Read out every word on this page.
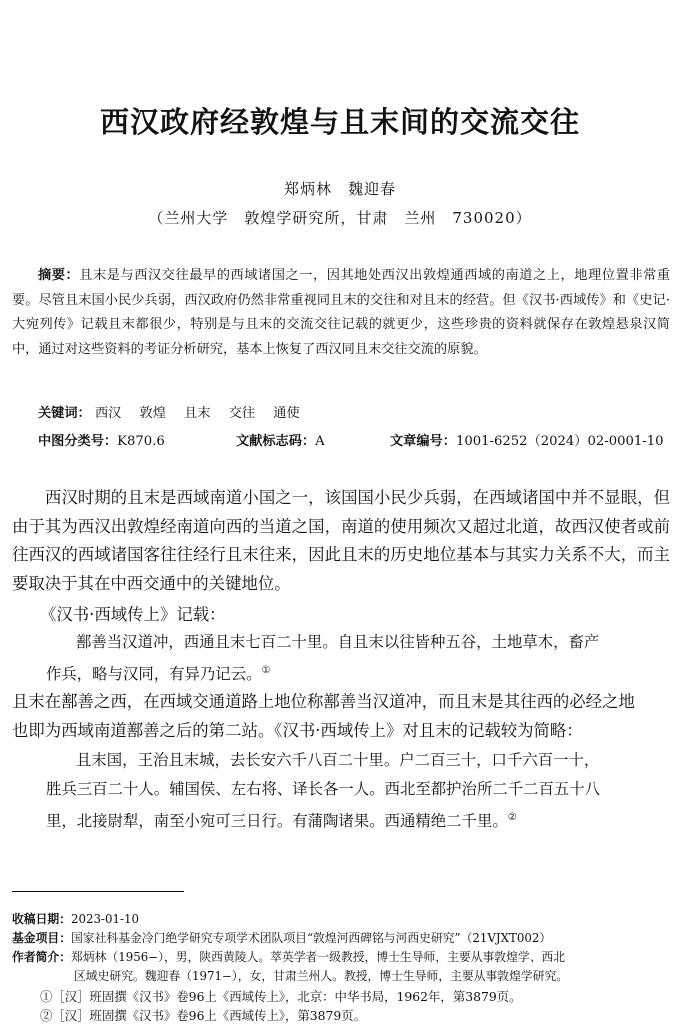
西汉政府经敦煌与且末间的交流交往
郑炳林　魏迎春
（兰州大学　敦煌学研究所，甘肃　兰州　730020）
摘要：且末是与西汉交往最早的西域诸国之一，因其地处西汉出敦煌通西域的南道之上，地理位置非常重要。尽管且末国小民少兵弱，西汉政府仍然非常重视同且末的交往和对且末的经营。但《汉书·西域传》和《史记·大宛列传》记载且末都很少，特别是与且末的交流交往记载的就更少，这些珍贵的资料就保存在敦煌悬泉汉简中，通过对这些资料的考证分析研究，基本上恢复了西汉同且末交往交流的原貌。
关键词： 西汉 敦煌 且末 交往 通使
中图分类号：K870.6	文献标志码：A	文章编号：1001-6252（2024）02-0001-10
西汉时期的且末是西域南道小国之一，该国国小民少兵弱，在西域诸国中并不显眼，但由于其为西汉出敦煌经南道向西的当道之国，南道的使用频次又超过北道，故西汉使者或前往西汉的西域诸国客往往经行且末往来，因此且末的历史地位基本与其实力关系不大，而主要取决于其在中西交通中的关键地位。
《汉书·西域传上》记载：
鄯善当汉道冲，西通且末七百二十里。自且末以往皆种五谷，土地草木，畜产
作兵，略与汉同，有异乃记云。①
且末在鄯善之西，在西域交通道路上地位称鄯善当汉道冲，而且末是其往西的必经之地
也即为西域南道鄯善之后的第二站。《汉书·西域传上》对且末的记载较为简略：
且末国，王治且末城，去长安六千八百二十里。户二百三十，口千六百一十，
胜兵三百二十人。辅国侯、左右将、译长各一人。西北至都护治所二千二百五十八
里，北接尉犁，南至小宛可三日行。有蒲陶诸果。西通精绝二千里。②
收稿日期：2023-01-10
基金项目：国家社科基金冷门绝学研究专项学术团队项目“敦煌河西碑铭与河西史研究”（21VJXT002）
作者简介：郑炳林（1956−），男，陕西黄陵人。萃英学者一级教授，博士生导师，主要从事敦煌学、西北
区域史研究。魏迎春（1971−），女，甘肃兰州人。教授，博士生导师，主要从事敦煌学研究。
①［汉］班固撰《汉书》卷96上《西域传上》，北京：中华书局，1962年，第3879页。
②［汉］班固撰《汉书》卷96上《西域传上》，第3879页。
